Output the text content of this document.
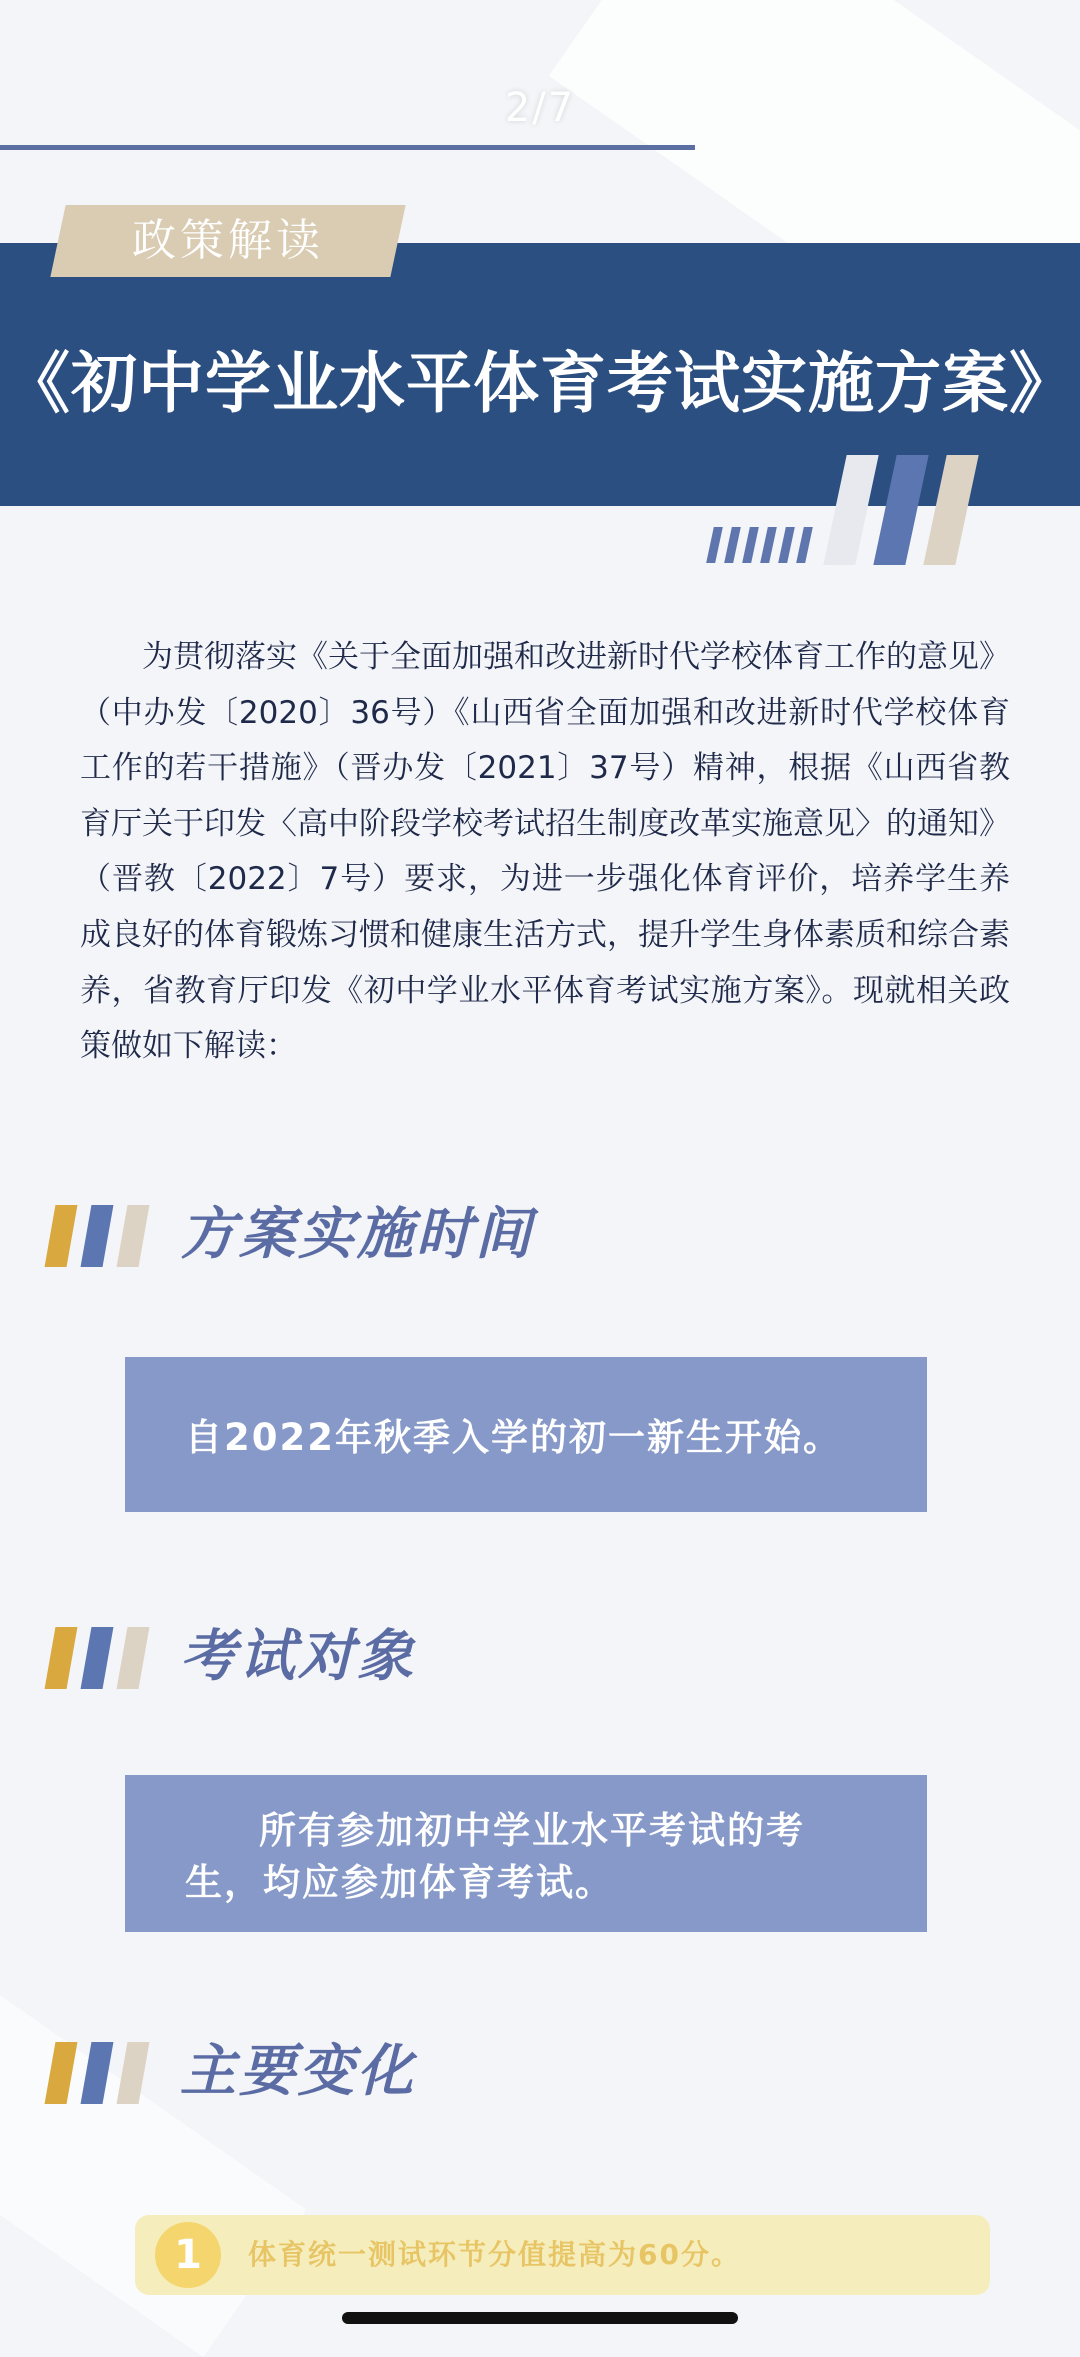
2/7
政策解读
《初中学业水平体育考试实施方案》

为贯彻落实《关于全面加强和改进新时代学校体育工作的意见》（中办发〔2020〕36号）《山西省全面加强和改进新时代学校体育工作的若干措施》（晋办发〔2021〕37号）精神，根据《山西省教育厅关于印发〈高中阶段学校考试招生制度改革实施意见〉的通知》（晋教〔2022〕7号）要求，为进一步强化体育评价，培养学生养成良好的体育锻炼习惯和健康生活方式，提升学生身体素质和综合素养，省教育厅印发《初中学业水平体育考试实施方案》。现就相关政策做如下解读：

方案实施时间
自2022年秋季入学的初一新生开始。
考试对象

所有参加初中学业水平考试的考生，均应参加体育考试。

主要变化
1	体育统一测试环节分值提高为60分。
